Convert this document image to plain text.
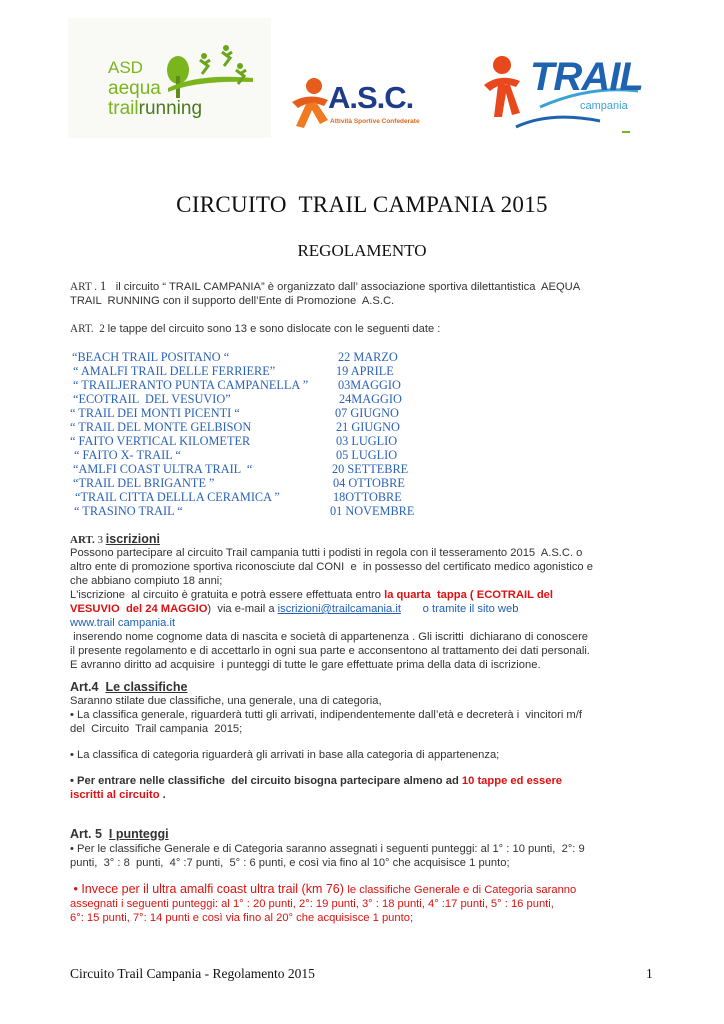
ASD
aequa
trailrunning	A.S.C.
Attività Sportive Confederate
TRAIL
campania
CIRCUITO  TRAIL CAMPANIA 2015
REGOLAMENTO
ART . 1 il circuito “ TRAIL CAMPANIA” è organizzato dall’ associazione sportiva dilettantistica  AEQUA
TRAIL  RUNNING con il supporto dell’Ente di Promozione  A.S.C.
ART.  2 le tappe del circuito sono 13 e sono dislocate con le seguenti date :
“BEACH TRAIL POSITANO “	22 MARZO
“ AMALFI TRAIL DELLE FERRIERE”	19 APRILE
“ TRAILJERANTO PUNTA CAMPANELLA ” 03MAGGIO
“ECOTRAIL  DEL VESUVIO”	24MAGGIO
“ TRAIL DEI MONTI PICENTI “	07 GIUGNO
“ TRAIL DEL MONTE GELBISON	21 GIUGNO
“ FAITO VERTICAL KILOMETER	03 LUGLIO
“ FAITO X- TRAIL “	05 LUGLIO
“AMLFI COAST ULTRA TRAIL  “	20 SETTEBRE
“TRAIL DEL BRIGANTE ”	04 OTTOBRE
“TRAIL CITTA DELLLA CERAMICA ”	18OTTOBRE
“ TRASINO TRAIL “	01 NOVEMBRE
ART. 3 iscrizioni
Possono partecipare al circuito Trail campania tutti i podisti in regola con il tesseramento 2015  A.S.C. o
altro ente di promozione sportiva riconosciute dal CONI  e  in possesso del certificato medico agonistico e
che abbiano compiuto 18 anni;
L'iscrizione  al circuito è gratuita e potrà essere effettuata entro la quarta  tappa ( ECOTRAIL del
VESUVIO  del 24 MAGGIO)  via e-mail a iscrizioni@trailcamania.it       o tramite il sito web
www.trail campania.it
inserendo nome cognome data di nascita e società di appartenenza . Gli iscritti  dichiarano di conoscere
il presente regolamento e di accettarlo in ogni sua parte e acconsentono al trattamento dei dati personali.
E avranno diritto ad acquisire  i punteggi di tutte le gare effettuate prima della data di iscrizione.
Art.4  Le classifiche
Saranno stilate due classifiche, una generale, una di categoria,
• La classifica generale, riguarderà tutti gli arrivati, indipendentemente dall’età e decreterà i  vincitori m/f
del  Circuito  Trail campania  2015;
• La classifica di categoria riguarderà gli arrivati in base alla categoria di appartenenza;
• Per entrare nelle classifiche  del circuito bisogna partecipare almeno ad 10 tappe ed essere
iscritti al circuito .
Art. 5  I punteggi
• Per le classifiche Generale e di Categoria saranno assegnati i seguenti punteggi: al 1° : 10 punti,  2°: 9
punti,  3° : 8  punti,  4° :7 punti,  5° : 6 punti, e così via fino al 10° che acquisisce 1 punto;
• Invece per il ultra amalfi coast ultra trail (km 76) le classifiche Generale e di Categoria saranno
assegnati i seguenti punteggi: al 1° : 20 punti, 2°: 19 punti, 3° : 18 punti, 4° :17 punti, 5° : 16 punti,
6°: 15 punti, 7°: 14 punti e così via fino al 20° che acquisisce 1 punto;
Circuito Trail Campania - Regolamento 2015	1
